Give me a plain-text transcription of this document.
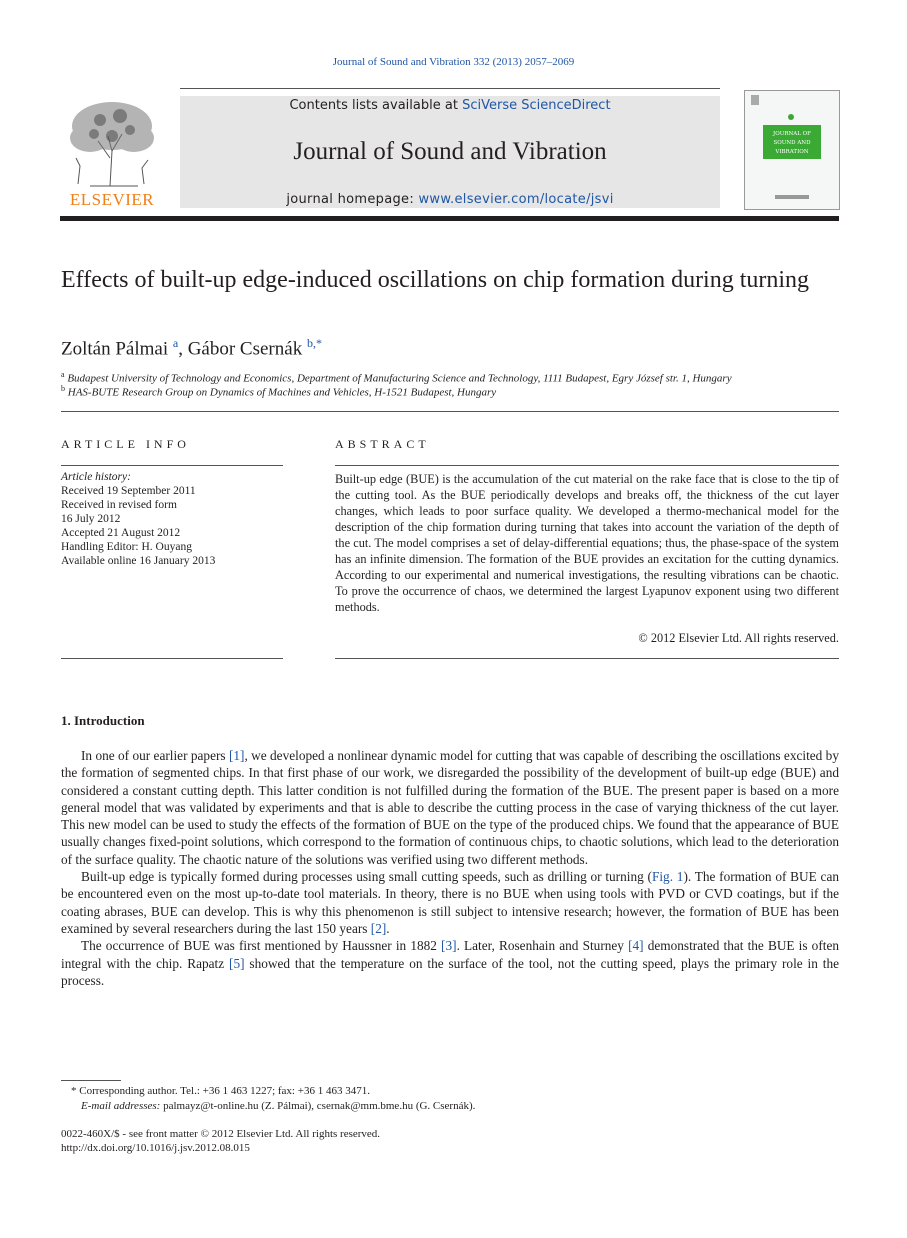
Journal of Sound and Vibration 332 (2013) 2057–2069
ELSEVIER
Contents lists available at SciVerse ScienceDirect
Journal of Sound and Vibration
journal homepage: www.elsevier.com/locate/jsvi
JOURNAL OF
SOUND AND
VIBRATION
Effects of built-up edge-induced oscillations on chip formation during turning
Zoltán Pálmai $^a$, Gábor Csernák $^{b,*}$
$^a$ Budapest University of Technology and Economics, Department of Manufacturing Science and Technology, 1111 Budapest, Egry József str. 1, Hungary
$^b$ HAS-BUTE Research Group on Dynamics of Machines and Vehicles, H-1521 Budapest, Hungary
ARTICLE INFO	ABSTRACT
Article history:
Received 19 September 2011
Received in revised form
16 July 2012
Accepted 21 August 2012
Handling Editor: H. Ouyang
Available online 16 January 2013
Built-up edge (BUE) is the accumulation of the cut material on the rake face that is close to the tip of the cutting tool. As the BUE periodically develops and breaks off, the thickness of the cut layer changes, which leads to poor surface quality. We developed a thermo-mechanical model for the description of the chip formation during turning that takes into account the variation of the depth of the cut. The model comprises a set of delay-differential equations; thus, the phase-space of the system has an infinite dimension. The formation of the BUE provides an excitation for the cutting dynamics. According to our experimental and numerical investigations, the resulting vibrations can be chaotic. To prove the occurrence of chaos, we determined the largest Lyapunov exponent using two different methods.
© 2012 Elsevier Ltd. All rights reserved.
1. Introduction

In one of our earlier papers [1], we developed a nonlinear dynamic model for cutting that was capable of describing the oscillations excited by the formation of segmented chips. In that first phase of our work, we disregarded the possibility of the development of built-up edge (BUE) and considered a constant cutting depth. This latter condition is not fulfilled during the formation of the BUE. The present paper is based on a more general model that was validated by experiments and that is able to describe the cutting process in the case of varying thickness of the cut layer. This new model can be used to study the effects of the formation of BUE on the type of the produced chips. We found that the appearance of BUE usually changes fixed-point solutions, which correspond to the formation of continuous chips, to chaotic solutions, which lead to the deterioration of the surface quality. The chaotic nature of the solutions was verified using two different methods.

Built-up edge is typically formed during processes using small cutting speeds, such as drilling or turning (Fig. 1). The formation of BUE can be encountered even on the most up-to-date tool materials. In theory, there is no BUE when using tools with PVD or CVD coatings, but if the coating abrases, BUE can develop. This is why this phenomenon is still subject to intensive research; however, the formation of BUE has been examined by several researchers during the last 150 years [2].

The occurrence of BUE was first mentioned by Haussner in 1882 [3]. Later, Rosenhain and Sturney [4] demonstrated that the BUE is often integral with the chip. Rapatz [5] showed that the temperature on the surface of the tool, not the cutting speed, plays the primary role in the process.

* Corresponding author. Tel.: +36 1 463 1227; fax: +36 1 463 3471.
E-mail addresses: palmayz@t-online.hu (Z. Pálmai), csernak@mm.bme.hu (G. Csernák).
0022-460X/$ - see front matter © 2012 Elsevier Ltd. All rights reserved.
http://dx.doi.org/10.1016/j.jsv.2012.08.015
